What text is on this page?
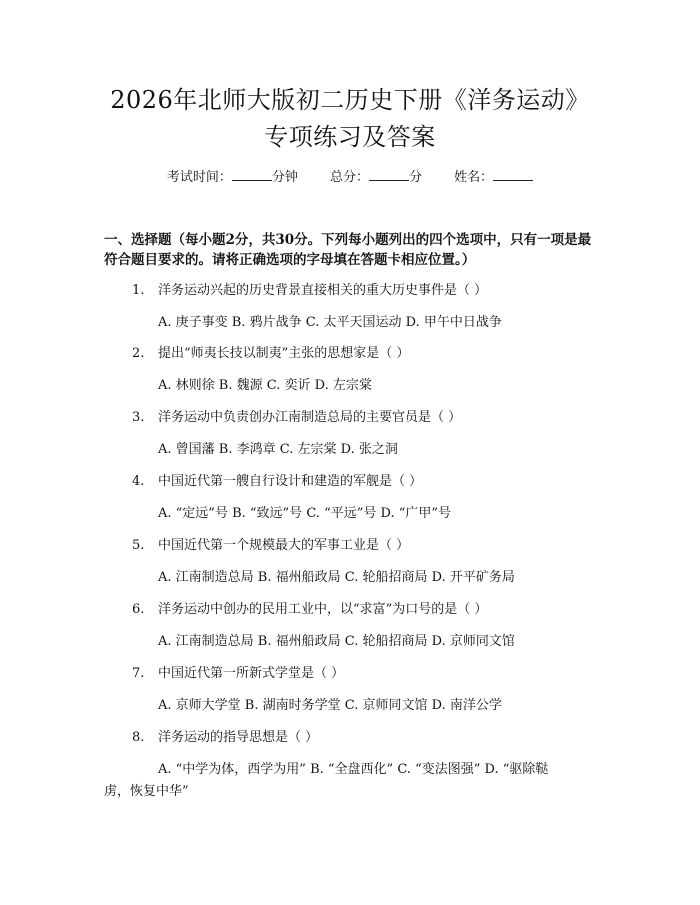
2026年北师大版初二历史下册《洋务运动》
专项练习及答案
考试时间：	分钟 总分：	分 姓名：
一、选择题（每小题2分，共30分。下列每小题列出的四个选项中，只有一项是最符合题目要求的。请将正确选项的字母填在答题卡相应位置。）
1. 洋务运动兴起的历史背景直接相关的重大历史事件是（ ）
A. 庚子事变 B. 鸦片战争 C. 太平天国运动 D. 甲午中日战争
2. 提出“师夷长技以制夷”主张的思想家是（ ）
A. 林则徐 B. 魏源 C. 奕䜣 D. 左宗棠
3. 洋务运动中负责创办江南制造总局的主要官员是（ ）
A. 曾国藩 B. 李鸿章 C. 左宗棠 D. 张之洞
4. 中国近代第一艘自行设计和建造的军舰是（ ）
A. “定远”号 B. “致远”号 C. “平远”号 D. “广甲”号
5. 中国近代第一个规模最大的军事工业是（ ）
A. 江南制造总局 B. 福州船政局 C. 轮船招商局 D. 开平矿务局
6. 洋务运动中创办的民用工业中，以“求富”为口号的是（ ）
A. 江南制造总局 B. 福州船政局 C. 轮船招商局 D. 京师同文馆
7. 中国近代第一所新式学堂是（ ）
A. 京师大学堂 B. 湖南时务学堂 C. 京师同文馆 D. 南洋公学
8. 洋务运动的指导思想是（ ）
A. “中学为体，西学为用” B. “全盘西化” C. “变法图强” D. “驱除鞑虏，恢复中华”
